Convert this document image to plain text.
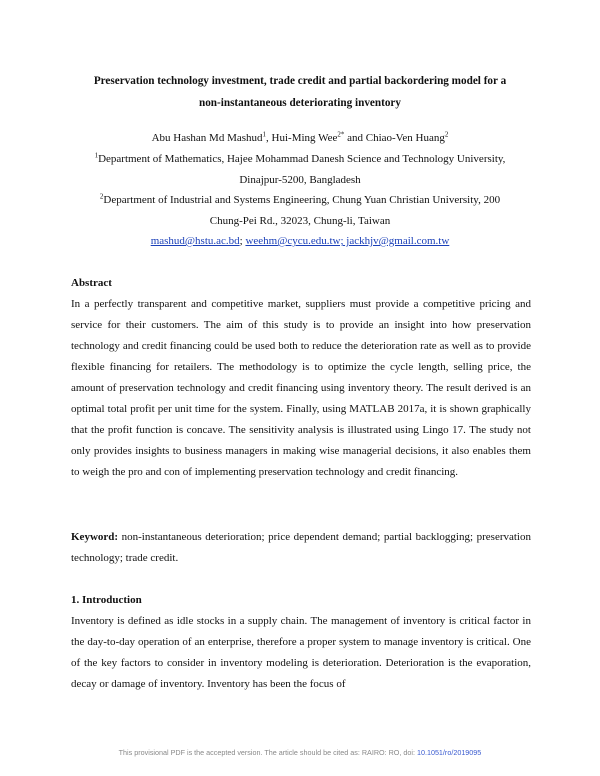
Preservation technology investment, trade credit and partial backordering model for a
non-instantaneous deteriorating inventory
Abu Hashan Md Mashud$^1$, Hui-Ming Wee$^{2*}$ and Chiao-Ven Huang$^2$
$^1$Department of Mathematics, Hajee Mohammad Danesh Science and Technology University,
Dinajpur-5200, Bangladesh
$^2$Department of Industrial and Systems Engineering, Chung Yuan Christian University, 200
Chung-Pei Rd., 32023, Chung-li, Taiwan
mashud@hstu.ac.bd; weehm@cycu.edu.tw; jackhjv@gmail.com.tw
Abstract
In a perfectly transparent and competitive market, suppliers must provide a competitive pricing and service for their customers. The aim of this study is to provide an insight into how preservation technology and credit financing could be used both to reduce the deterioration rate as well as to provide flexible financing for retailers. The methodology is to optimize the cycle length, selling price, the amount of preservation technology and credit financing using inventory theory. The result derived is an optimal total profit per unit time for the system. Finally, using MATLAB 2017a, it is shown graphically that the profit function is concave. The sensitivity analysis is illustrated using Lingo 17. The study not only provides insights to business managers in making wise managerial decisions, it also enables them to weigh the pro and con of implementing preservation technology and credit financing.
Keyword: non-instantaneous deterioration; price dependent demand; partial backlogging; preservation technology; trade credit.
1. Introduction
Inventory is defined as idle stocks in a supply chain. The management of inventory is critical factor in the day-to-day operation of an enterprise, therefore a proper system to manage inventory is critical. One of the key factors to consider in inventory modeling is deterioration. Deterioration is the evaporation, decay or damage of inventory. Inventory has been the focus of
This provisional PDF is the accepted version. The article should be cited as: RAIRO: RO, doi: 10.1051/ro/2019095
